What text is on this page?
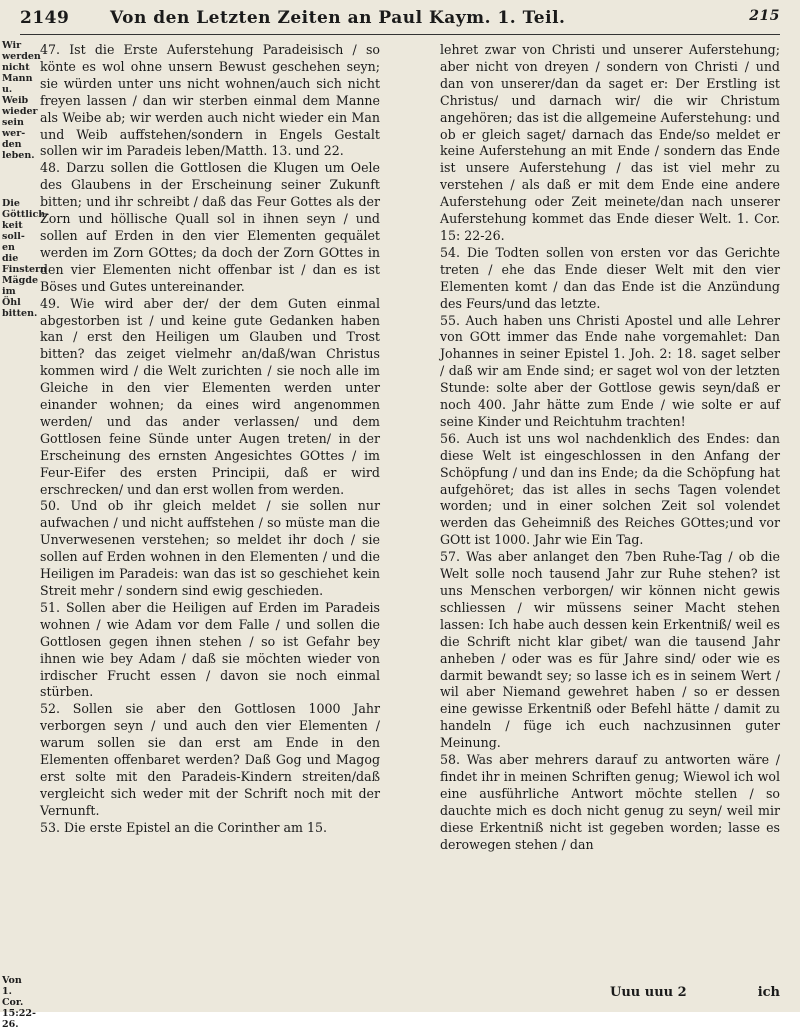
2149 Von den Letzten Zeiten an Paul Kaym. 1. Teil.	215
Wir
werden
nicht
Mann
u. Weib
wieder
sein
wer-
den
leben.
Die
Göttlich-
keit soll-
en die
Finstern
Mägde
im Öhl
bitten.

47. Ist die Erste Auferstehung Paradeisisch / so könte es wol ohne unsern Bewust geschehen seyn; sie würden unter uns nicht wohnen/auch sich nicht freyen lassen / dan wir sterben einmal dem Manne als Weibe ab; wir werden auch nicht wieder ein Man und Weib auffstehen/sondern in Engels Gestalt sollen wir im Paradeis leben/Matth. 13. und 22.

48. Darzu sollen die Gottlosen die Klugen um Oele des Glaubens in der Erscheinung seiner Zukunft bitten; und ihr schreibt / daß das Feur Gottes als der Zorn und höllische Quall sol in ihnen seyn / und sollen auf Erden in den vier Elementen gequälet werden im Zorn GOttes; da doch der Zorn GOttes in den vier Elementen nicht offenbar ist / dan es ist Böses und Gutes untereinander.

49. Wie wird aber der/ der dem Guten einmal abgestorben ist / und keine gute Gedanken haben kan / erst den Heiligen um Glauben und Trost bitten? das zeiget vielmehr an/daß/wan Christus kommen wird / die Welt zurichten / sie noch alle im Gleiche in den vier Elementen werden unter einander wohnen; da eines wird angenommen werden/ und das ander verlassen/ und dem Gottlosen feine Sünde unter Augen treten/ in der Erscheinung des ernsten Angesichtes GOttes / im Feur-Eifer des ersten Principii, daß er wird erschrecken/ und dan erst wollen from werden.

50. Und ob ihr gleich meldet / sie sollen nur aufwachen / und nicht auffstehen / so müste man die Unverwesenen verstehen; so meldet ihr doch / sie sollen auf Erden wohnen in den Elementen / und die Heiligen im Paradeis: wan das ist so geschiehet kein Streit mehr / sondern sind ewig geschieden.

51. Sollen aber die Heiligen auf Erden im Paradeis wohnen / wie Adam vor dem Falle / und sollen die Gottlosen gegen ihnen stehen / so ist Gefahr bey ihnen wie bey Adam / daß sie möchten wieder von irdischer Frucht essen / davon sie noch einmal stürben.

52. Sollen sie aber den Gottlosen 1000 Jahr verborgen seyn / und auch den vier Elementen / warum sollen sie dan erst am Ende in den Elementen offenbaret werden? Daß Gog und Magog erst solte mit den Paradeis-Kindern streiten/daß vergleicht sich weder mit der Schrift noch mit der Vernunft.

53. Die erste Epistel an die Corinther am 15.

lehret zwar von Christi und unserer Auferstehung; aber nicht von dreyen / sondern von Christi / und dan von unserer/dan da saget er: Der Erstling ist Christus/ und darnach wir/ die wir Christum angehören; das ist die allgemeine Auferstehung: und ob er gleich saget/ darnach das Ende/so meldet er keine Auferstehung an mit Ende / sondern das Ende ist unsere Auferstehung / das ist viel mehr zu verstehen / als daß er mit dem Ende eine andere Auferstehung oder Zeit meinete/dan nach unserer Auferstehung kommet das Ende dieser Welt. 1. Cor. 15: 22-26.

54. Die Todten sollen von ersten vor das Gerichte treten / ehe das Ende dieser Welt mit den vier Elementen komt / dan das Ende ist die Anzündung des Feurs/und das letzte.

55. Auch haben uns Christi Apostel und alle Lehrer von GOtt immer das Ende nahe vorgemahlet: Dan Johannes in seiner Epistel 1. Joh. 2: 18. saget selber / daß wir am Ende sind; er saget wol von der letzten Stunde: solte aber der Gottlose gewis seyn/daß er noch 400. Jahr hätte zum Ende / wie solte er auf seine Kinder und Reichtuhm trachten!

56. Auch ist uns wol nachdenklich des Endes: dan diese Welt ist eingeschlossen in den Anfang der Schöpfung / und dan ins Ende; da die Schöpfung hat aufgehöret; das ist alles in sechs Tagen volendet worden; und in einer solchen Zeit sol volendet werden das Geheimniß des Reiches GOttes;und vor GOtt ist 1000. Jahr wie Ein Tag.

57. Was aber anlanget den 7ben Ruhe-Tag / ob die Welt solle noch tausend Jahr zur Ruhe stehen? ist uns Menschen verborgen/ wir können nicht gewis schliessen / wir müssens seiner Macht stehen lassen: Ich habe auch dessen kein Erkentniß/ weil es die Schrift nicht klar gibet/ wan die tausend Jahr anheben / oder was es für Jahre sind/ oder wie es darmit bewandt sey; so lasse ich es in seinem Wert / wil aber Niemand gewehret haben / so er dessen eine gewisse Erkentniß oder Befehl hätte / damit zu handeln / füge ich euch nachzusinnen guter Meinung.

58. Was aber mehrers darauf zu antworten wäre / findet ihr in meinen Schriften genug; Wiewol ich wol eine ausführliche Antwort möchte stellen / so dauchte mich es doch nicht genug zu seyn/ weil mir diese Erkentniß nicht ist gegeben worden; lasse es derowegen stehen / dan

Von
1. Cor.
15:22-
26.
Uuu uuu 2	ich
